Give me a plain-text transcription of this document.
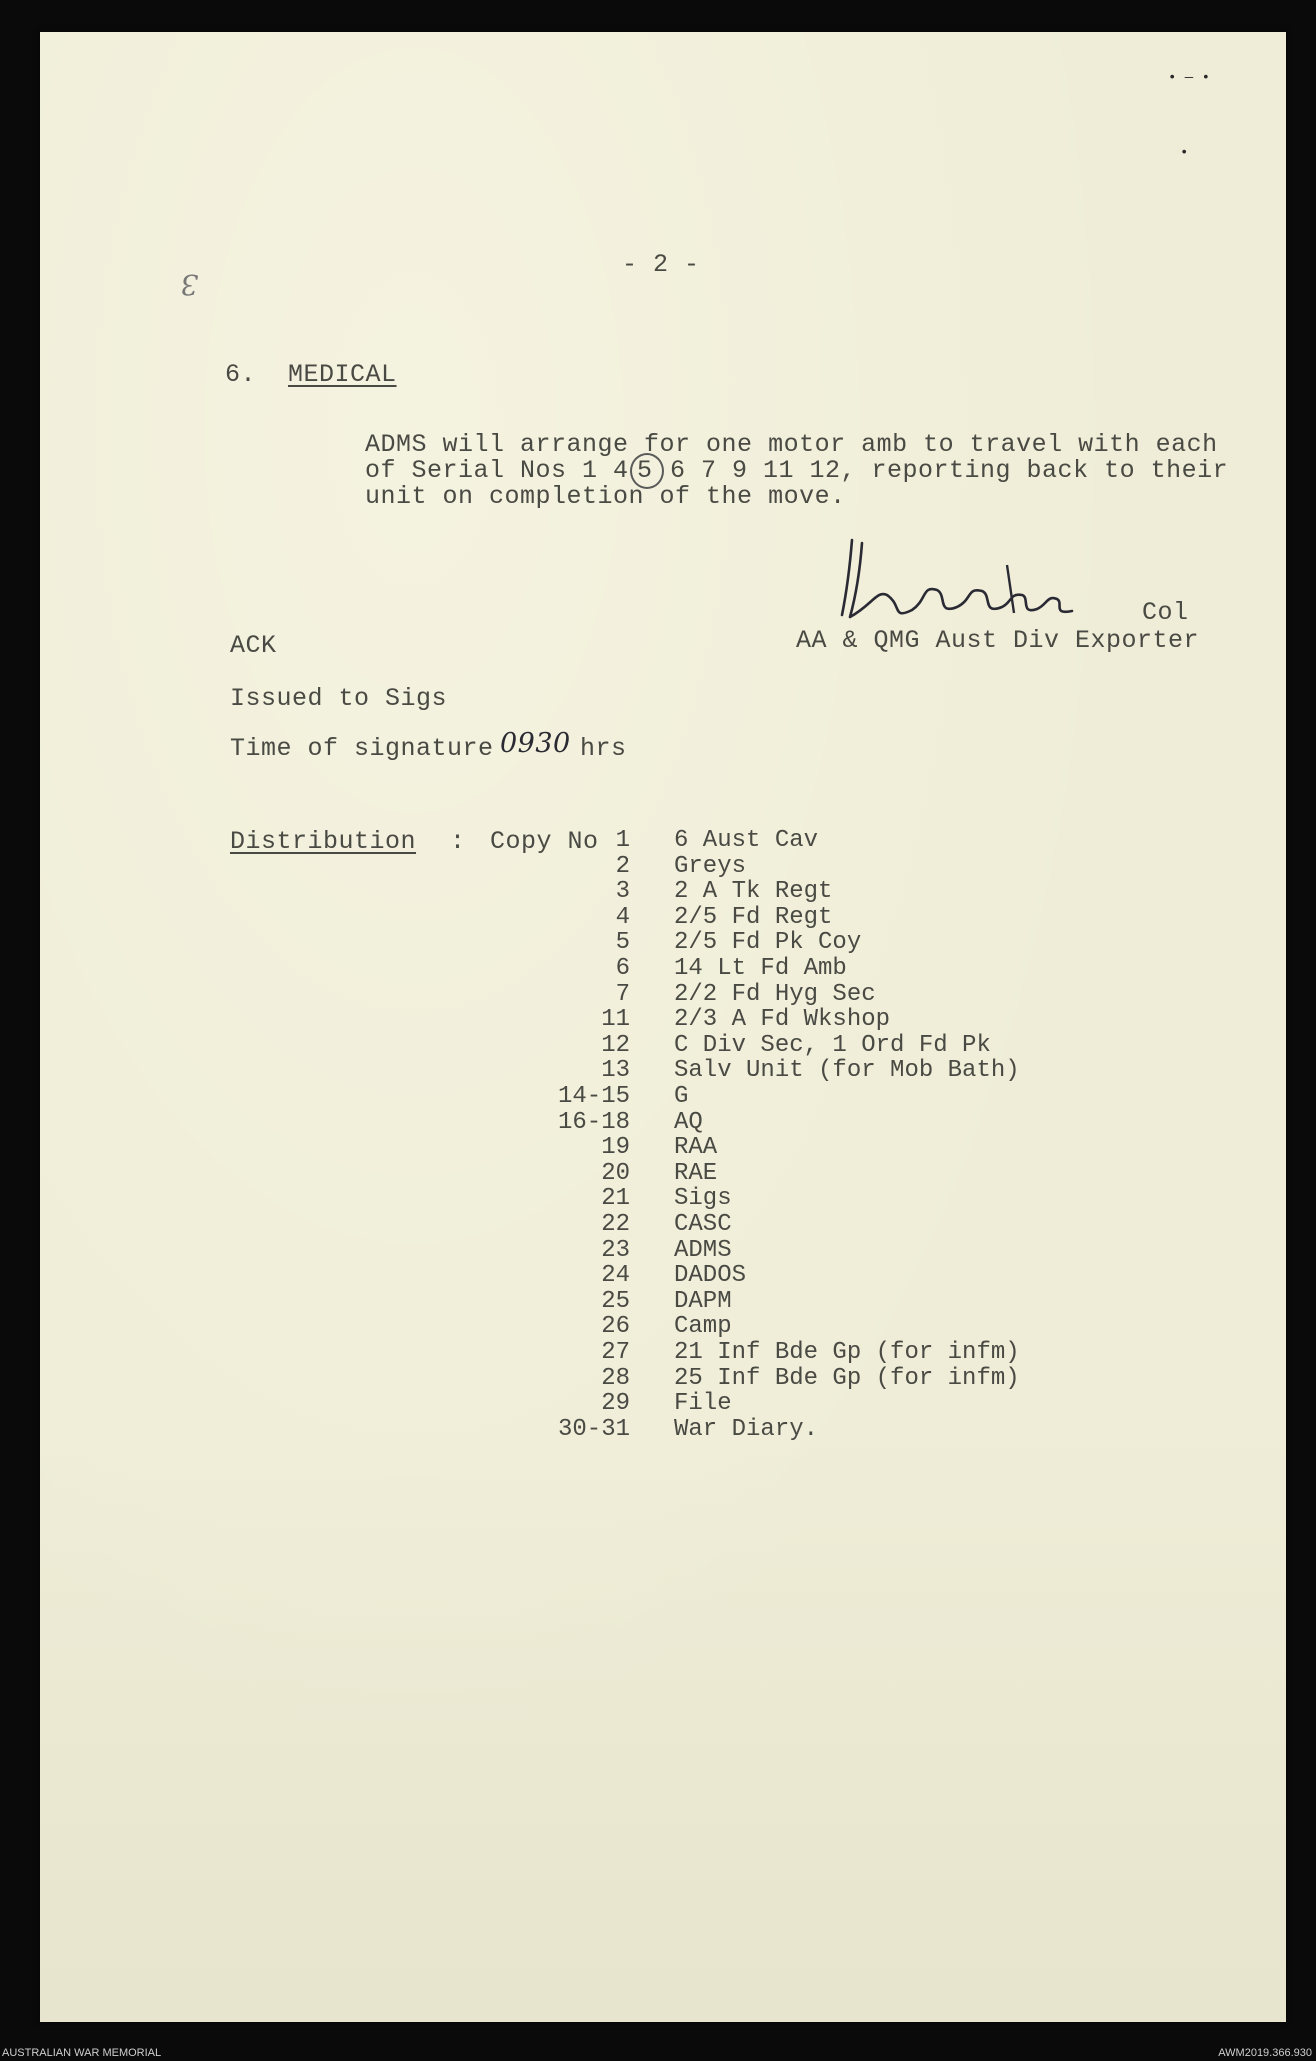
- 2 -
3
6. MEDICAL
ADMS will arrange for one motor amb to travel with each
of Serial Nos 1 4 5 6 7 9 11 12, reporting back to their
unit on completion of the move.
Col
AA & QMG Aust Div Exporter
ACK
Issued to Sigs
Time of signature 0930 hrs
Distribution : Copy No 1 6 Aust Cav
2 Greys
3 2 A Tk Regt
4 2/5 Fd Regt
5 2/5 Fd Pk Coy
6 14 Lt Fd Amb
7 2/2 Fd Hyg Sec
11 2/3 A Fd Wkshop
12 C Div Sec, 1 Ord Fd Pk
13 Salv Unit (for Mob Bath)
14-15 G
16-18 AQ
19 RAA
20 RAE
21 Sigs
22 CASC
23 ADMS
24 DADOS
25 DAPM
26 Camp
27 21 Inf Bde Gp (for infm)
28 25 Inf Bde Gp (for infm)
29 File
30-31 War Diary.
• — •
•
AUSTRALIAN WAR MEMORIAL	AWM2019.366.930
